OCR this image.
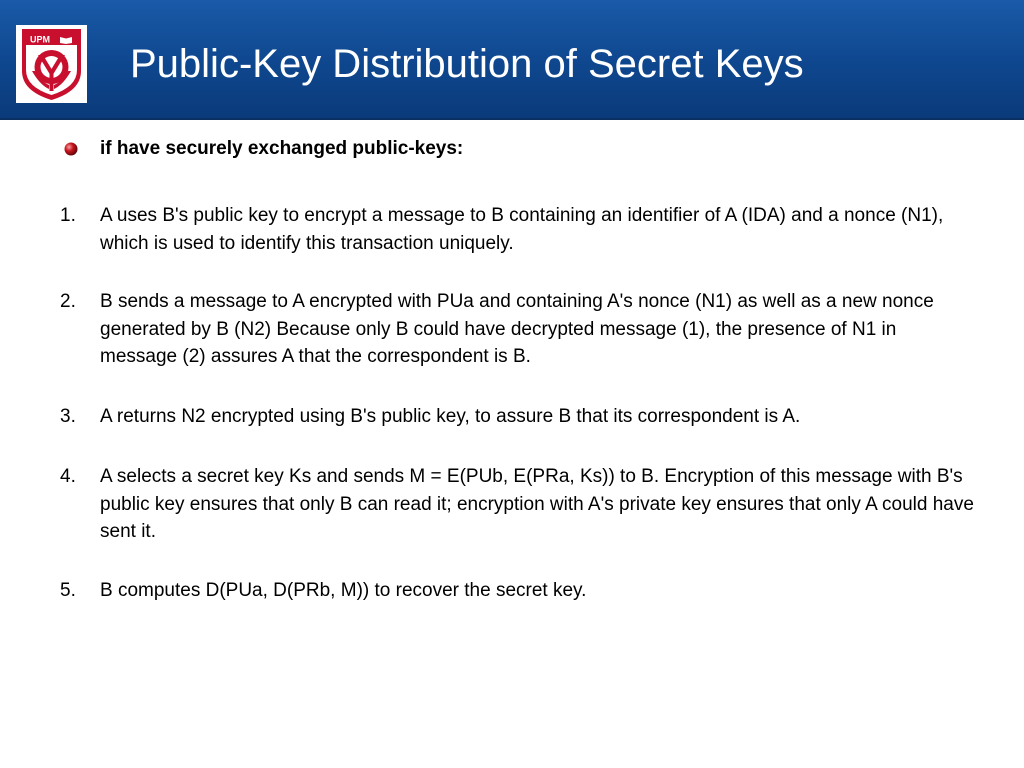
UPM
Public-Key Distribution of Secret Keys
if have securely exchanged public-keys:
1.	A uses B's public key to encrypt a message to B containing an identifier of A (IDA) and a nonce (N1), which is used to identify this transaction uniquely.
2.	B sends a message to A encrypted with PUa and containing A's nonce (N1) as well as a new nonce generated by B (N2) Because only B could have decrypted message (1), the presence of N1 in message (2) assures A that the correspondent is B.
3.	A returns N2 encrypted using B's public key, to assure B that its correspondent is A.
4.	A selects a secret key Ks and sends M = E(PUb, E(PRa, Ks)) to B. Encryption of this message with B's public key ensures that only B can read it; encryption with A's private key ensures that only A could have sent it.
5.	B computes D(PUa, D(PRb, M)) to recover the secret key.
